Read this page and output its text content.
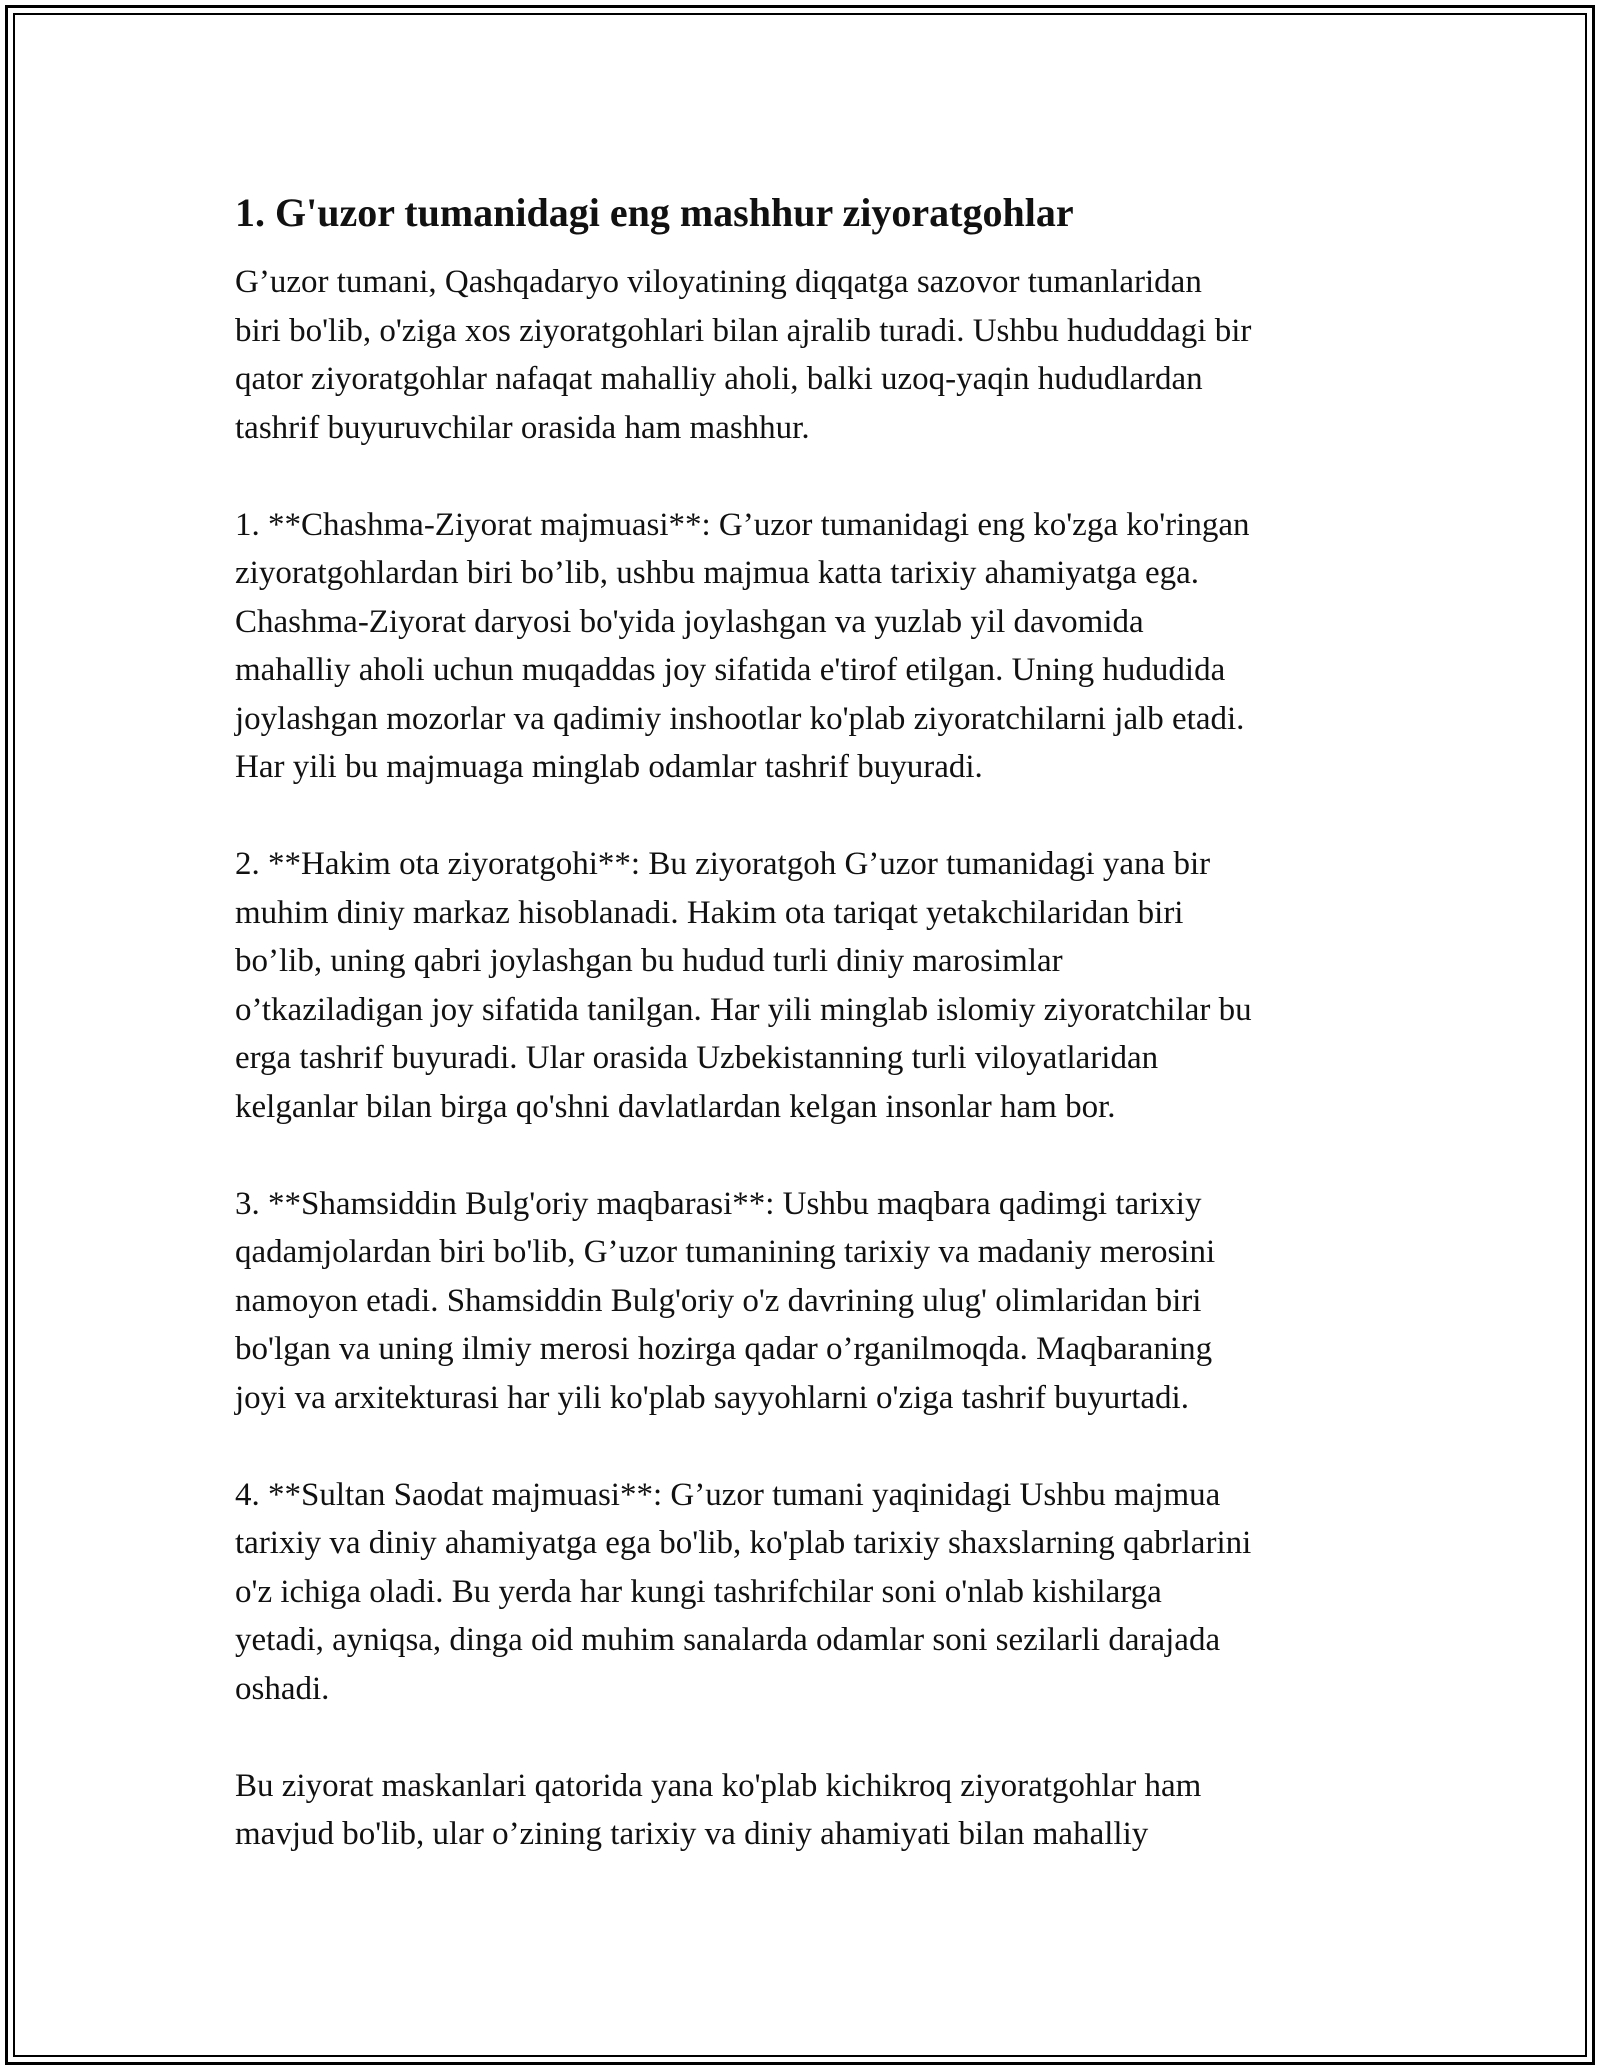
1. G'uzor tumanidagi eng mashhur ziyoratgohlar
G’uzor tumani, Qashqadaryo viloyatining diqqatga sazovor tumanlaridan
biri bo'lib, o'ziga xos ziyoratgohlari bilan ajralib turadi. Ushbu hududdagi bir
qator ziyoratgohlar nafaqat mahalliy aholi, balki uzoq-yaqin hududlardan
tashrif buyuruvchilar orasida ham mashhur.
1. **Chashma-Ziyorat majmuasi**: G’uzor tumanidagi eng ko'zga ko'ringan
ziyoratgohlardan biri bo’lib, ushbu majmua katta tarixiy ahamiyatga ega.
Chashma-Ziyorat daryosi bo'yida joylashgan va yuzlab yil davomida
mahalliy aholi uchun muqaddas joy sifatida e'tirof etilgan. Uning hududida
joylashgan mozorlar va qadimiy inshootlar ko'plab ziyoratchilarni jalb etadi.
Har yili bu majmuaga minglab odamlar tashrif buyuradi.
2. **Hakim ota ziyoratgohi**: Bu ziyoratgoh G’uzor tumanidagi yana bir
muhim diniy markaz hisoblanadi. Hakim ota tariqat yetakchilaridan biri
bo’lib, uning qabri joylashgan bu hudud turli diniy marosimlar
o’tkaziladigan joy sifatida tanilgan. Har yili minglab islomiy ziyoratchilar bu
erga tashrif buyuradi. Ular orasida Uzbekistanning turli viloyatlaridan
kelganlar bilan birga qo'shni davlatlardan kelgan insonlar ham bor.
3. **Shamsiddin Bulg'oriy maqbarasi**: Ushbu maqbara qadimgi tarixiy
qadamjolardan biri bo'lib, G’uzor tumanining tarixiy va madaniy merosini
namoyon etadi. Shamsiddin Bulg'oriy o'z davrining ulug' olimlaridan biri
bo'lgan va uning ilmiy merosi hozirga qadar o’rganilmoqda. Maqbaraning
joyi va arxitekturasi har yili ko'plab sayyohlarni o'ziga tashrif buyurtadi.
4. **Sultan Saodat majmuasi**: G’uzor tumani yaqinidagi Ushbu majmua
tarixiy va diniy ahamiyatga ega bo'lib, ko'plab tarixiy shaxslarning qabrlarini
o'z ichiga oladi. Bu yerda har kungi tashrifchilar soni o'nlab kishilarga
yetadi, ayniqsa, dinga oid muhim sanalarda odamlar soni sezilarli darajada
oshadi.
Bu ziyorat maskanlari qatorida yana ko'plab kichikroq ziyoratgohlar ham
mavjud bo'lib, ular o’zining tarixiy va diniy ahamiyati bilan mahalliy
